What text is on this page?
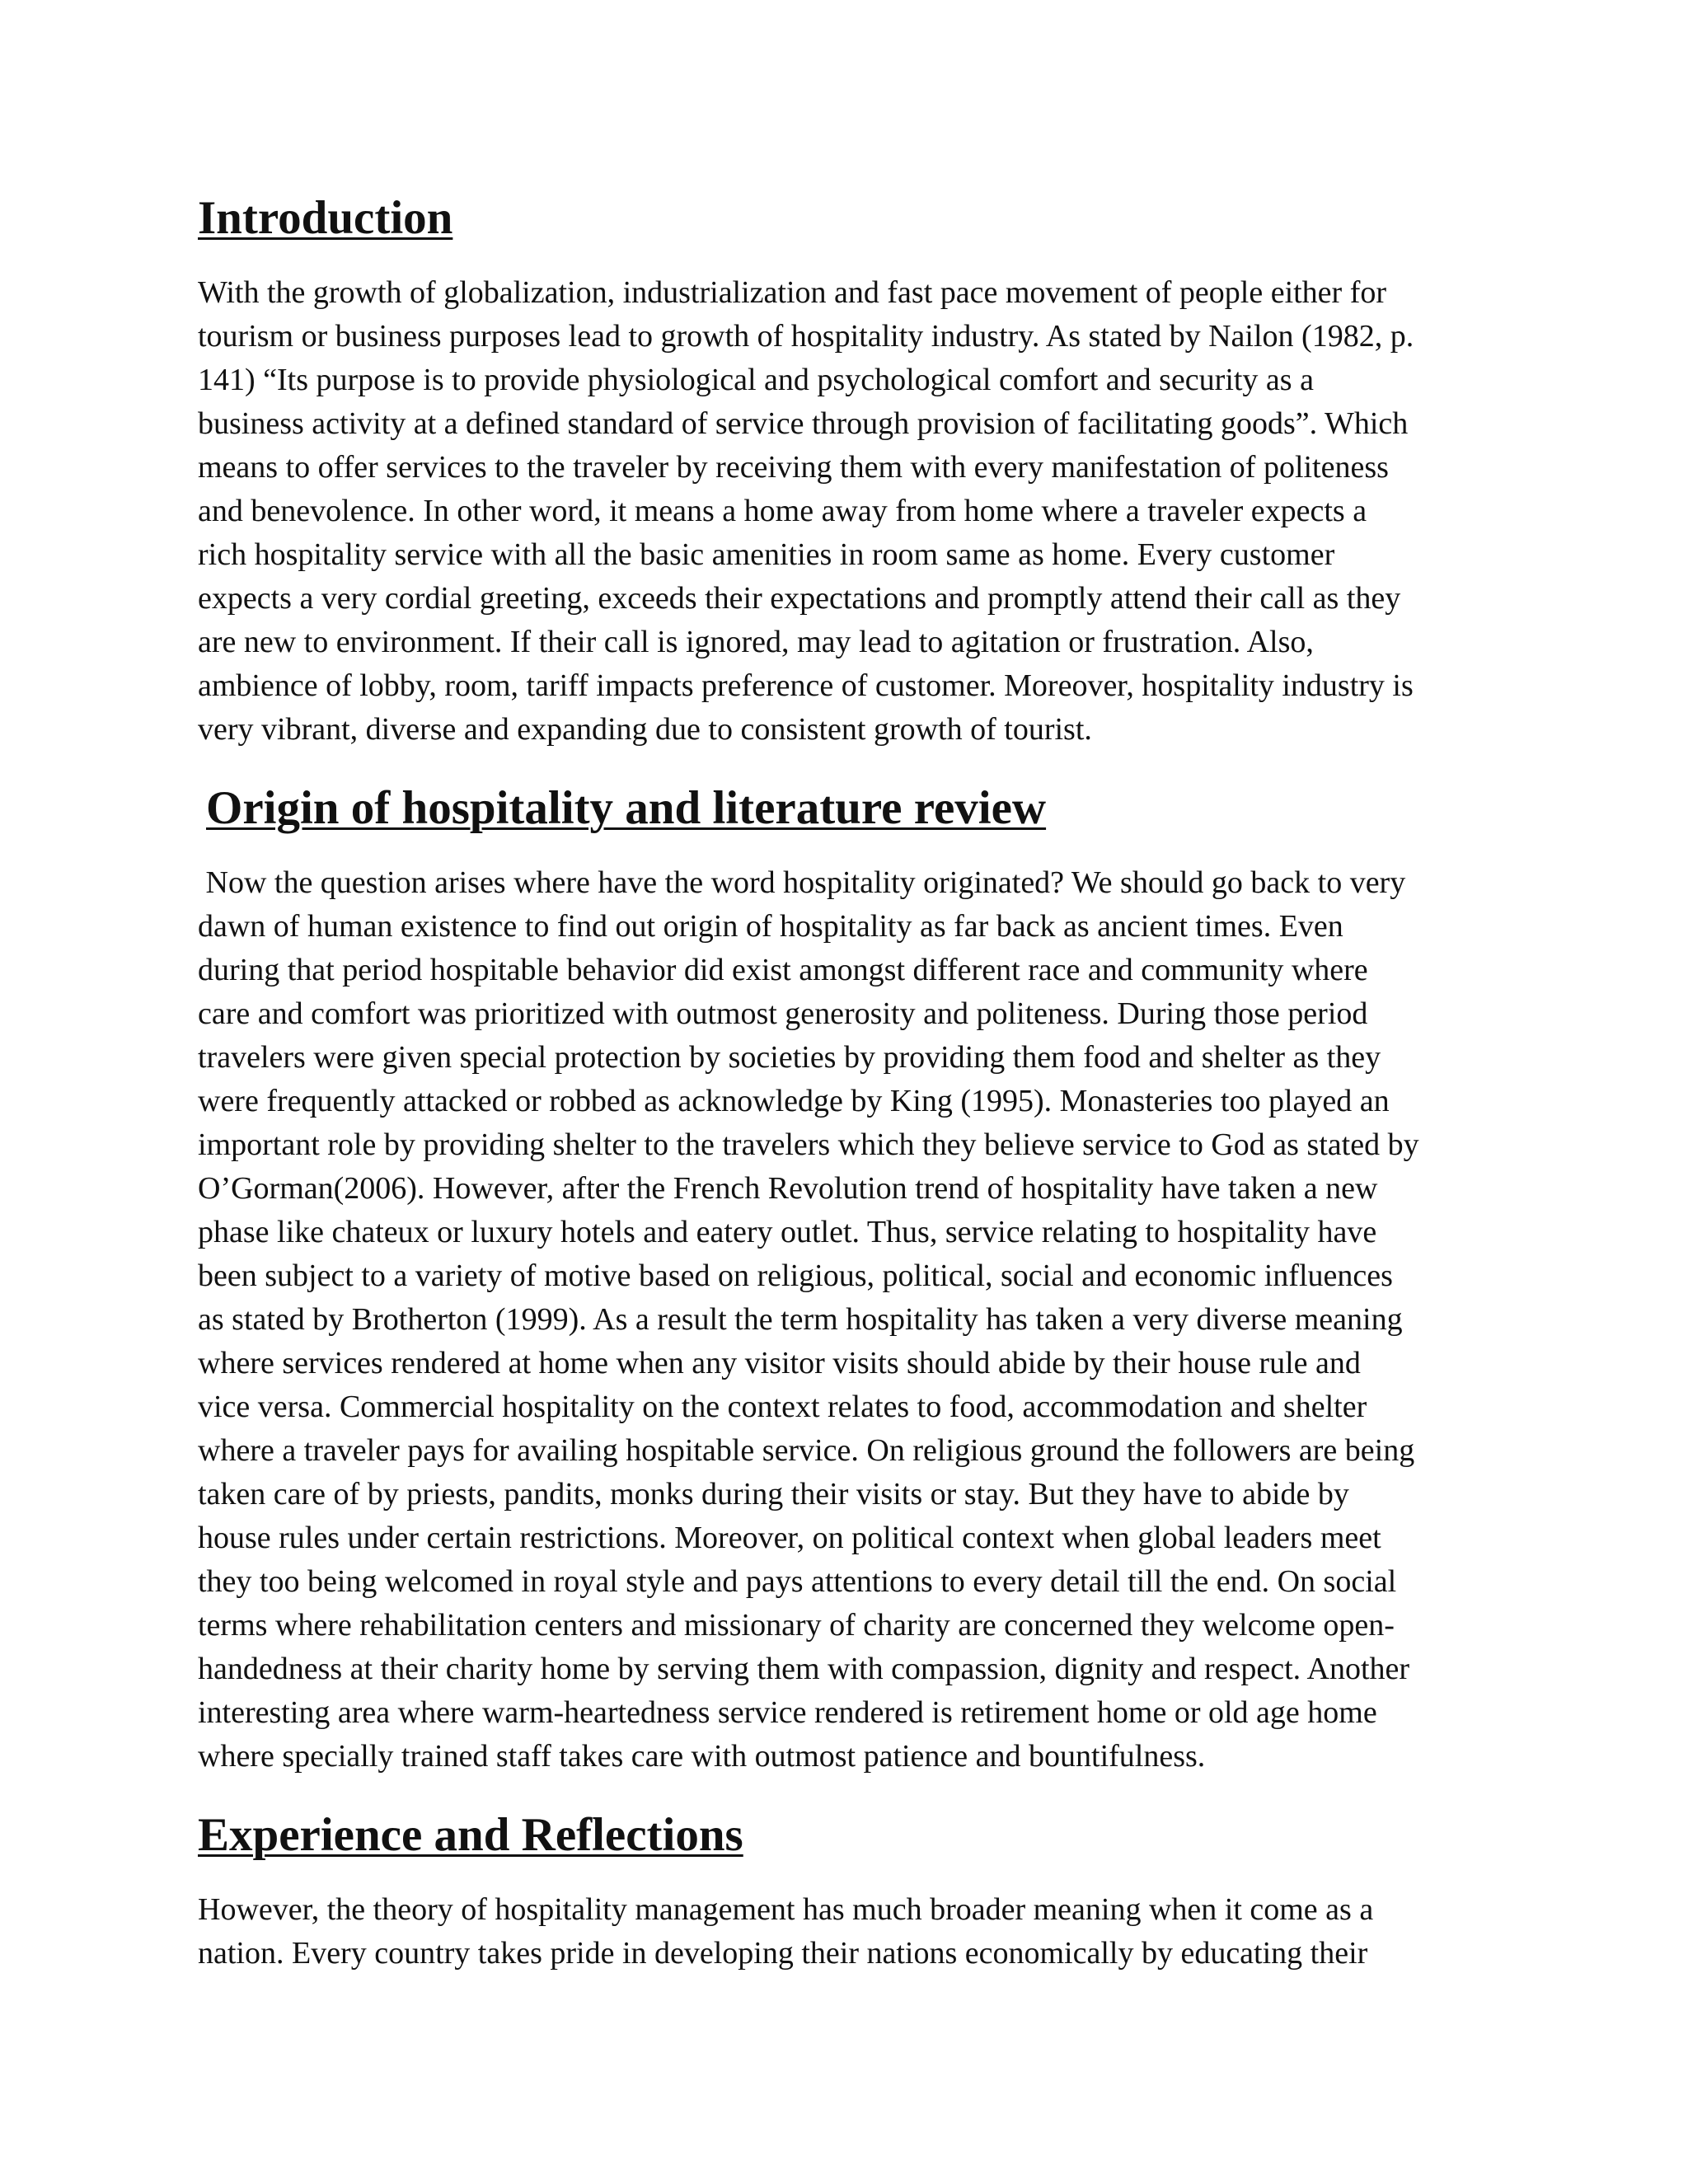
Introduction

With the growth of globalization, industrialization and fast pace movement of people either for
tourism or business purposes lead to growth of hospitality industry. As stated by Nailon (1982, p.
141) “Its purpose is to provide physiological and psychological comfort and security as a
business activity at a defined standard of service through provision of facilitating goods”. Which
means to offer services to the traveler by receiving them with every manifestation of politeness
and benevolence. In other word, it means a home away from home where a traveler expects a
rich hospitality service with all the basic amenities in room same as home. Every customer
expects a very cordial greeting, exceeds their expectations and promptly attend their call as they
are new to environment. If their call is ignored, may lead to agitation or frustration. Also,
ambience of lobby, room, tariff impacts preference of customer. Moreover, hospitality industry is
very vibrant, diverse and expanding due to consistent growth of tourist.

Origin of hospitality and literature review

Now the question arises where have the word hospitality originated? We should go back to very
dawn of human existence to find out origin of hospitality as far back as ancient times. Even
during that period hospitable behavior did exist amongst different race and community where
care and comfort was prioritized with outmost generosity and politeness. During those period
travelers were given special protection by societies by providing them food and shelter as they
were frequently attacked or robbed as acknowledge by King (1995). Monasteries too played an
important role by providing shelter to the travelers which they believe service to God as stated by
O’Gorman(2006). However, after the French Revolution trend of hospitality have taken a new
phase like chateux or luxury hotels and eatery outlet. Thus, service relating to hospitality have
been subject to a variety of motive based on religious, political, social and economic influences
as stated by Brotherton (1999). As a result the term hospitality has taken a very diverse meaning
where services rendered at home when any visitor visits should abide by their house rule and
vice versa. Commercial hospitality on the context relates to food, accommodation and shelter
where a traveler pays for availing hospitable service. On religious ground the followers are being
taken care of by priests, pandits, monks during their visits or stay. But they have to abide by
house rules under certain restrictions. Moreover, on political context when global leaders meet
they too being welcomed in royal style and pays attentions to every detail till the end. On social
terms where rehabilitation centers and missionary of charity are concerned they welcome open-
handedness at their charity home by serving them with compassion, dignity and respect. Another
interesting area where warm-heartedness service rendered is retirement home or old age home
where specially trained staff takes care with outmost patience and bountifulness.

Experience and Reflections

However, the theory of hospitality management has much broader meaning when it come as a
nation. Every country takes pride in developing their nations economically by educating their
